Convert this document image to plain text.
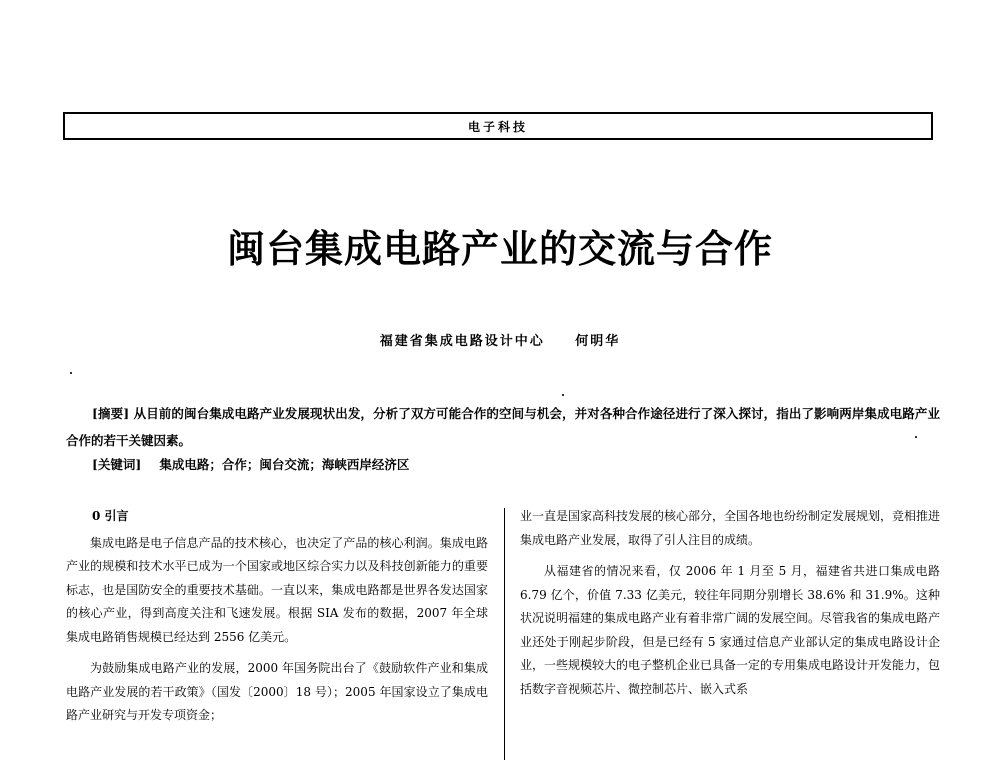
电子科技
闽台集成电路产业的交流与合作
福建省集成电路设计中心 何明华
[摘要] 从目前的闽台集成电路产业发展现状出发，分析了双方可能合作的空间与机会，并对各种合作途径进行了深入探讨，指出了影响两岸集成电路产业合作的若干关键因素。
[关键词] 集成电路；合作；闽台交流；海峡西岸经济区
0 引言

集成电路是电子信息产品的技术核心，也决定了产品的核心利润。集成电路产业的规模和技术水平已成为一个国家或地区综合实力以及科技创新能力的重要标志，也是国防安全的重要技术基础。一直以来，集成电路都是世界各发达国家的核心产业，得到高度关注和飞速发展。根据 SIA 发布的数据，2007 年全球集成电路销售规模已经达到 2556 亿美元。

为鼓励集成电路产业的发展，2000 年国务院出台了《鼓励软件产业和集成电路产业发展的若干政策》（国发〔2000〕18 号）；2005 年国家设立了集成电路产业研究与开发专项资金；

业一直是国家高科技发展的核心部分，全国各地也纷纷制定发展规划，竞相推进集成电路产业发展，取得了引人注目的成绩。

从福建省的情况来看，仅 2006 年 1 月至 5 月，福建省共进口集成电路 6.79 亿个，价值 7.33 亿美元，较往年同期分别增长 38.6% 和 31.9%。这种状况说明福建的集成电路产业有着非常广阔的发展空间。尽管我省的集成电路产业还处于刚起步阶段，但是已经有 5 家通过信息产业部认定的集成电路设计企业，一些规模较大的电子整机企业已具备一定的专用集成电路设计开发能力，包括数字音视频芯片、微控制芯片、嵌入式系
